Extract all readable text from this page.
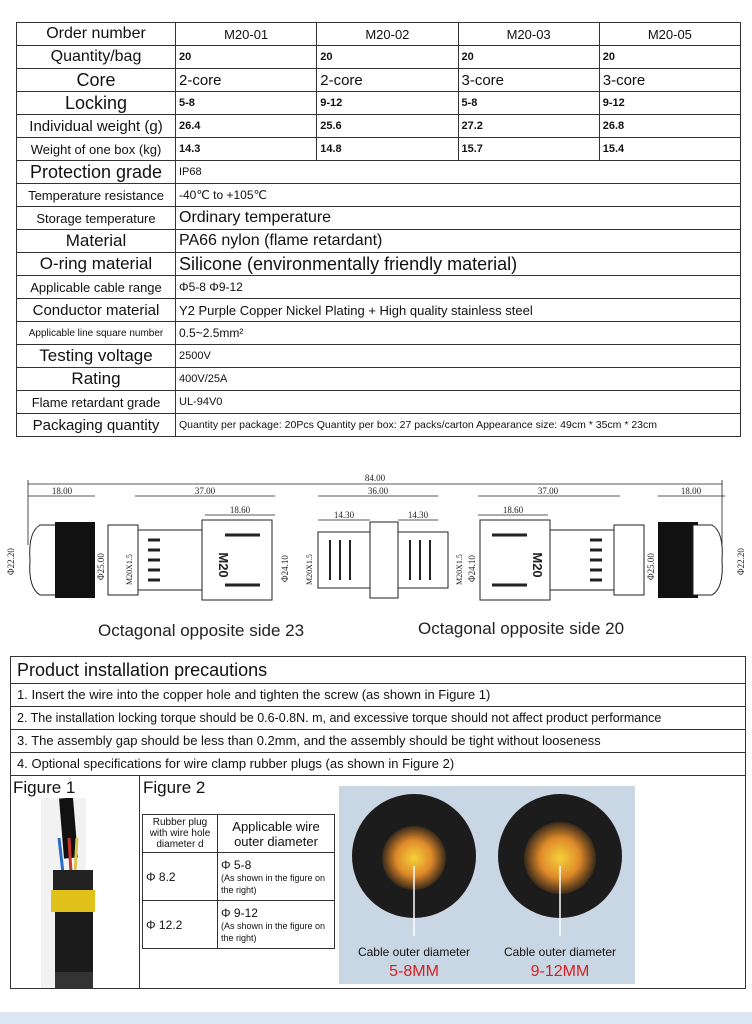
Order number	M20-01	M20-02	M20-03	M20-05
Quantity/bag	20	20	20	20
Core	2-core	2-core	3-core	3-core
Locking	5-8	9-12	5-8	9-12
Individual weight (g)	26.4	25.6	27.2	26.8
Weight of one box (kg)	14.3	14.8	15.7	15.4
Protection grade	IP68			
Temperature resistance	-40℃ to +105℃			
Storage temperature	Ordinary temperature			
Material	PA66 nylon (flame retardant)			
O-ring material	Silicone (environmentally friendly material)			
Applicable cable range	Φ5-8 Φ9-12			
Conductor material	Y2 Purple Copper Nickel Plating + High quality stainless steel			
Applicable line square number	0.5~2.5mm²			
Testing voltage	2500V			
Rating	400V/25A			
Flame retardant grade	UL-94V0			
Packaging quantity	Quantity per package: 20Pcs Quantity per box: 27 packs/carton Appearance size: 49cm * 35cm * 23cm			
84.00
18.00	37.00
18.60
36.00
14.30	14.30
37.00
18.60
18.00
Φ22.20	Φ25.00 M20X1.5	Φ24.10 M20X1.5	M20X1.5 Φ24.10	Φ25.00	Φ22.20
M20	M20
Octagonal opposite side 23	Octagonal opposite side 20
Product installation precautions
1. Insert the wire into the copper hole and tighten the screw (as shown in Figure 1)
2. The installation locking torque should be 0.6-0.8N. m, and excessive torque should not affect product performance
3. The assembly gap should be less than 0.2mm, and the assembly should be tight without looseness
4. Optional specifications for wire clamp rubber plugs (as shown in Figure 2)
Figure 1	Figure 2
Rubber plug with wire hole diameter d	Applicable wire outer diameter
Φ 8.2	Φ 5-8
(As shown in the figure on the right)
Φ 12.2	Φ 9-12
(As shown in the figure on the right)
Cable outer diameter
5-8MM
Cable outer diameter
9-12MM
